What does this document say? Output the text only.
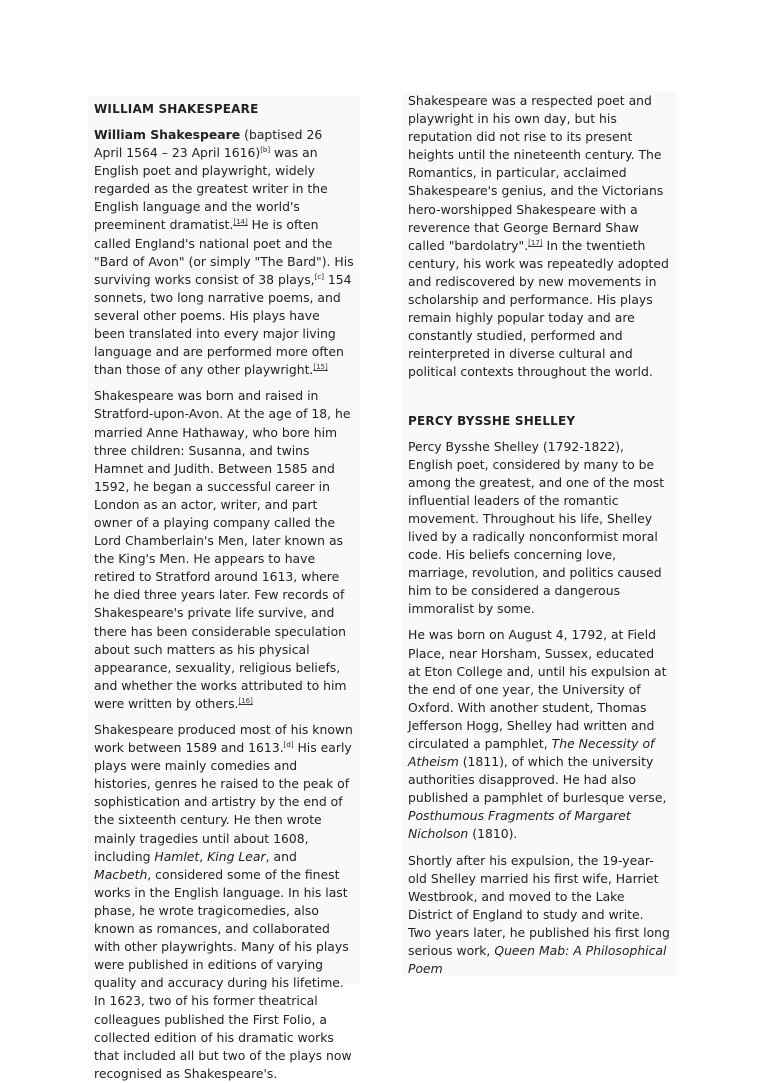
WILLIAM SHAKESPEARE

William Shakespeare (baptised 26 April 1564 – 23 April 1616)[b] was an English poet and playwright, widely regarded as the greatest writer in the English language and the world's preeminent dramatist.[14] He is often called England's national poet and the "Bard of Avon" (or simply "The Bard"). His surviving works consist of 38 plays,[c] 154 sonnets, two long narrative poems, and several other poems. His plays have been translated into every major living language and are performed more often than those of any other playwright.[15]

Shakespeare was born and raised in Stratford-upon-Avon. At the age of 18, he married Anne Hathaway, who bore him three children: Susanna, and twins Hamnet and Judith. Between 1585 and 1592, he began a successful career in London as an actor, writer, and part owner of a playing company called the Lord Chamberlain's Men, later known as the King's Men. He appears to have retired to Stratford around 1613, where he died three years later. Few records of Shakespeare's private life survive, and there has been considerable speculation about such matters as his physical appearance, sexuality, religious beliefs, and whether the works attributed to him were written by others.[16]

Shakespeare produced most of his known work between 1589 and 1613.[d] His early plays were mainly comedies and histories, genres he raised to the peak of sophistication and artistry by the end of the sixteenth century. He then wrote mainly tragedies until about 1608, including Hamlet, King Lear, and Macbeth, considered some of the finest works in the English language. In his last phase, he wrote tragicomedies, also known as romances, and collaborated with other playwrights. Many of his plays were published in editions of varying quality and accuracy during his lifetime. In 1623, two of his former theatrical colleagues published the First Folio, a collected edition of his dramatic works that included all but two of the plays now recognised as Shakespeare's.

Shakespeare was a respected poet and playwright in his own day, but his reputation did not rise to its present heights until the nineteenth century. The Romantics, in particular, acclaimed Shakespeare's genius, and the Victorians hero-worshipped Shakespeare with a reverence that George Bernard Shaw called "bardolatry".[17] In the twentieth century, his work was repeatedly adopted and rediscovered by new movements in scholarship and performance. His plays remain highly popular today and are constantly studied, performed and reinterpreted in diverse cultural and political contexts throughout the world.

PERCY BYSSHE SHELLEY

Percy Bysshe Shelley (1792-1822), English poet, considered by many to be among the greatest, and one of the most influential leaders of the romantic movement. Throughout his life, Shelley lived by a radically nonconformist moral code. His beliefs concerning love, marriage, revolution, and politics caused him to be considered a dangerous immoralist by some.

He was born on August 4, 1792, at Field Place, near Horsham, Sussex, educated at Eton College and, until his expulsion at the end of one year, the University of Oxford. With another student, Thomas Jefferson Hogg, Shelley had written and circulated a pamphlet, The Necessity of Atheism (1811), of which the university authorities disapproved. He had also published a pamphlet of burlesque verse, Posthumous Fragments of Margaret Nicholson (1810).

Shortly after his expulsion, the 19-year-old Shelley married his first wife, Harriet Westbrook, and moved to the Lake District of England to study and write. Two years later, he published his first long serious work, Queen Mab: A Philosophical Poem
